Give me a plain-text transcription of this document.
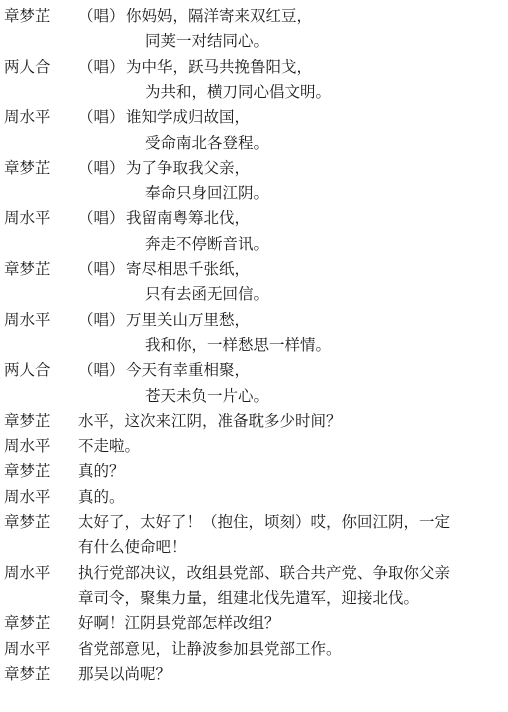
章梦芷 （唱） 你妈妈，隔洋寄来双红豆，
同荚一对结同心。
两人合 （唱） 为中华，跃马共挽鲁阳戈，
为共和，横刀同心倡文明。
周水平 （唱） 谁知学成归故国，
受命南北各登程。
章梦芷 （唱） 为了争取我父亲，
奉命只身回江阴。
周水平 （唱） 我留南粤筹北伐，
奔走不停断音讯。
章梦芷 （唱） 寄尽相思千张纸，
只有去函无回信。
周水平 （唱） 万里关山万里愁，
我和你，一样愁思一样情。
两人合 （唱） 今天有幸重相聚，
苍天未负一片心。
章梦芷 水平，这次来江阴，准备耽多少时间？
周水平 不走啦。
章梦芷 真的？
周水平 真的。
章梦芷 太好了，太好了！（抱住，顷刻）哎，你回江阴，一定
有什么使命吧！
周水平 执行党部决议，改组县党部、联合共产党、争取你父亲
章司令，聚集力量，组建北伐先遣军，迎接北伐。
章梦芷 好啊！江阴县党部怎样改组？
周水平 省党部意见，让静波参加县党部工作。
章梦芷 那吴以尚呢？
